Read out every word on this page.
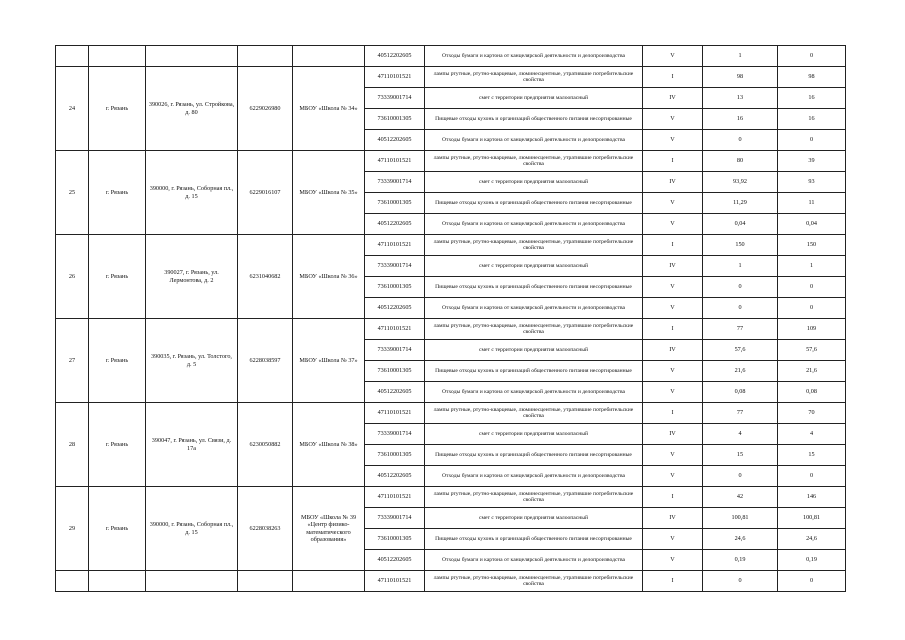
					40512202605	Отходы бумаги и картона от канцелярской деятельности и делопроизводства	V	1	0
24	г. Рязань	390026, г. Рязань, ул. Стройкова, д. 80	6229026980	МБОУ «Школа № 34»	47110101521	лампы ртутные, ртутно-кварцевые, люминесцентные, утратившие потребительские свойства	I	98	98
					73339001714	смет с территории предприятия малоопасный	IV	13	16
					73610001305	Пищевые отходы кухонь и организаций общественного питания несортированные	V	16	16
					40512202605	Отходы бумаги и картона от канцелярской деятельности и делопроизводства	V	0	0
25	г. Рязань	390000, г. Рязань, Соборная пл., д. 15	6229016107	МБОУ «Школа № 35»	47110101521	лампы ртутные, ртутно-кварцевые, люминесцентные, утратившие потребительские свойства	I	80	39
					73339001714	смет с территории предприятия малоопасный	IV	93,92	93
					73610001305	Пищевые отходы кухонь и организаций общественного питания несортированные	V	11,29	11
					40512202605	Отходы бумаги и картона от канцелярской деятельности и делопроизводства	V	0,04	0,04
26	г. Рязань	390027, г. Рязань, ул. Лермонтова, д. 2	6231040682	МБОУ «Школа № 36»	47110101521	лампы ртутные, ртутно-кварцевые, люминесцентные, утратившие потребительские свойства	I	150	150
					73339001714	смет с территории предприятия малоопасный	IV	1	1
					73610001305	Пищевые отходы кухонь и организаций общественного питания несортированные	V	0	0
					40512202605	Отходы бумаги и картона от канцелярской деятельности и делопроизводства	V	0	0
27	г. Рязань	390035, г. Рязань, ул. Толстого, д. 5	6228038597	МБОУ «Школа № 37»	47110101521	лампы ртутные, ртутно-кварцевые, люминесцентные, утратившие потребительские свойства	I	77	109
					73339001714	смет с территории предприятия малоопасный	IV	57,6	57,6
					73610001305	Пищевые отходы кухонь и организаций общественного питания несортированные	V	21,6	21,6
					40512202605	Отходы бумаги и картона от канцелярской деятельности и делопроизводства	V	0,08	0,08
28	г. Рязань	390047, г. Рязань, ул. Связи, д. 17а	6230050882	МБОУ «Школа № 38»	47110101521	лампы ртутные, ртутно-кварцевые, люминесцентные, утратившие потребительские свойства	I	77	70
					73339001714	смет с территории предприятия малоопасный	IV	4	4
					73610001305	Пищевые отходы кухонь и организаций общественного питания несортированные	V	15	15
					40512202605	Отходы бумаги и картона от канцелярской деятельности и делопроизводства	V	0	0
29	г. Рязань	390000, г. Рязань, Соборная пл., д. 15	6228038263	МБОУ «Школа № 39 «Центр физико-математического образования»	47110101521	лампы ртутные, ртутно-кварцевые, люминесцентные, утратившие потребительские свойства	I	42	146
					73339001714	смет с территории предприятия малоопасный	IV	100,81	100,81
					73610001305	Пищевые отходы кухонь и организаций общественного питания несортированные	V	24,6	24,6
					40512202605	Отходы бумаги и картона от канцелярской деятельности и делопроизводства	V	0,19	0,19
					47110101521	лампы ртутные, ртутно-кварцевые, люминесцентные, утратившие потребительские свойства	I	0	0
